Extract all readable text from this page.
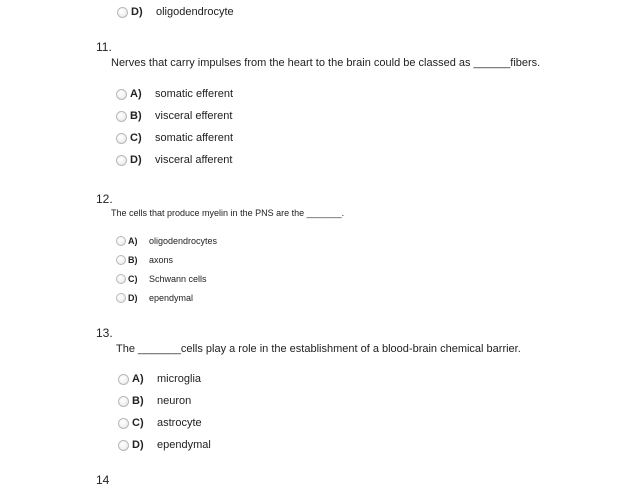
D)	oligodendrocyte
11.
Nerves that carry impulses from the heart to the brain could be classed as ______fibers.
A)	somatic efferent
B)	visceral efferent
C)	somatic afferent
D)	visceral afferent
12.
The cells that produce myelin in the PNS are the _______.
A)	oligodendrocytes
B)	axons
C)	Schwann cells
D)	ependymal
13.
The _______cells play a role in the establishment of a blood-brain chemical barrier.
A)	microglia
B)	neuron
C)	astrocyte
D)	ependymal
14
